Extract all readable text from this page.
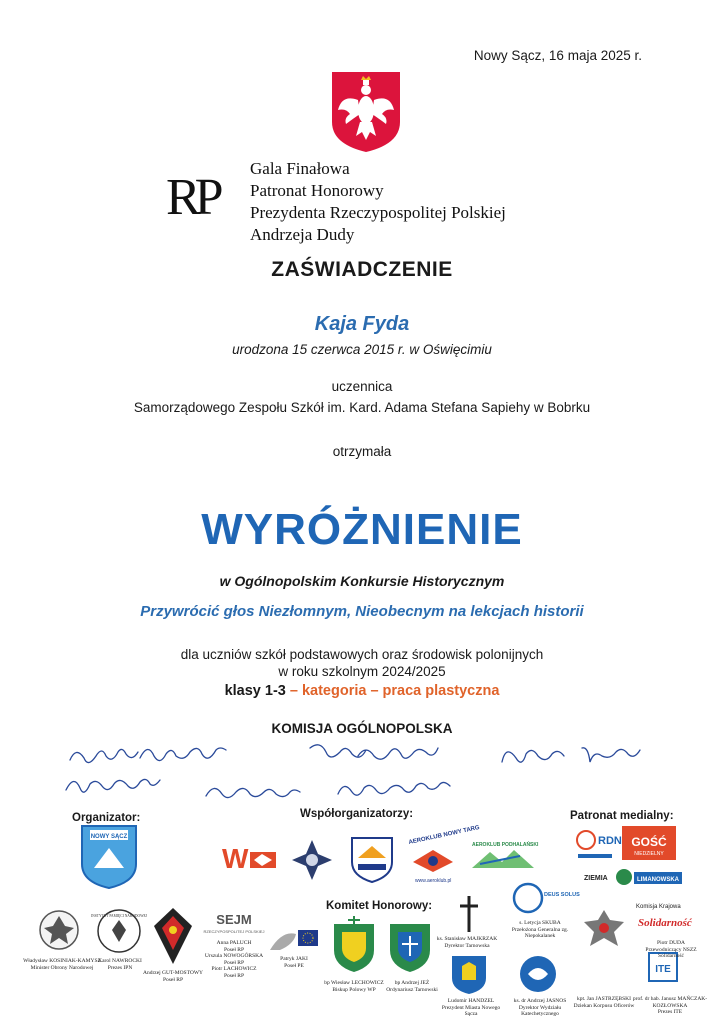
Nowy Sącz, 16 maja 2025 r.
RP
Gala Finałowa
Patronat Honorowy
Prezydenta Rzeczypospolitej Polskiej
Andrzeja Dudy
ZAŚWIADCZENIE
Kaja Fyda
urodzona 15 czerwca 2015 r. w Oświęcimiu
uczennica
Samorządowego Zespołu Szkół im. Kard. Adama Stefana Sapiehy w Bobrku
otrzymała
WYRÓŻNIENIE
w Ogólnopolskim Konkursie Historycznym
Przywrócić głos Niezłomnym, Nieobecnym na lekcjach historii
dla uczniów szkół podstawowych oraz środowisk polonijnych
w roku szkolnym 2024/2025
klasy 1-3 – kategoria – praca plastyczna
KOMISJA OGÓLNOPOLSKA
Organizator:	Współorganizatorzy:	Patronat medialny:
Komitet Honorowy:
NOWY SĄCZ
W
AEROKLUB NOWY TARG
www.aeroklub.pl
AEROKLUB PODHALAŃSKI	RDN GOŚĆ
NIEDZIELNY
ZIEMIA	LIMANOWSKA
INSTYTUT PAMIĘCI NARODOWEJ	SEJM
RZECZYPOSPOLITEJ POLSKIEJ
DEUS SOLUS
Komisja Krajowa
Solidarność
ITE
Władysław KOSINIAK-KAMYSZ
Minister Obrony Narodowej
Karol NAWROCKI
Prezes IPN
Andrzej GUT-MOSTOWY
Poseł RP
Anna PALUCH
Poseł RP
Urszula NOWOGÓRSKA
Poseł RP
Piotr LACHOWICZ
Poseł RP
Patryk JAKI
Poseł PE
bp Wiesław LECHOWICZ
Biskup Polowy WP
bp Andrzej JEŻ
Ordynariusz Tarnowski
ks. Stanisław MAJKRZAK
Dyrektor Tarnowska
Ludomir HANDZEL
Prezydent Miasta Nowego Sącza
s. Letycja SKUBA
Przełożona Generalna zg. Niepokalanek
ks. dr Andrzej JASNOS
Dyrektor Wydziału Katechetycznego
kpt. Jan JASTRZĘBSKI
Dziekan Korpusu Oficerów
Piotr DUDA
Przewodniczący NSZZ Solidarność
prof. dr hab. Janusz MAŃCZAK-KOZŁOWSKA
Prezes ITE
